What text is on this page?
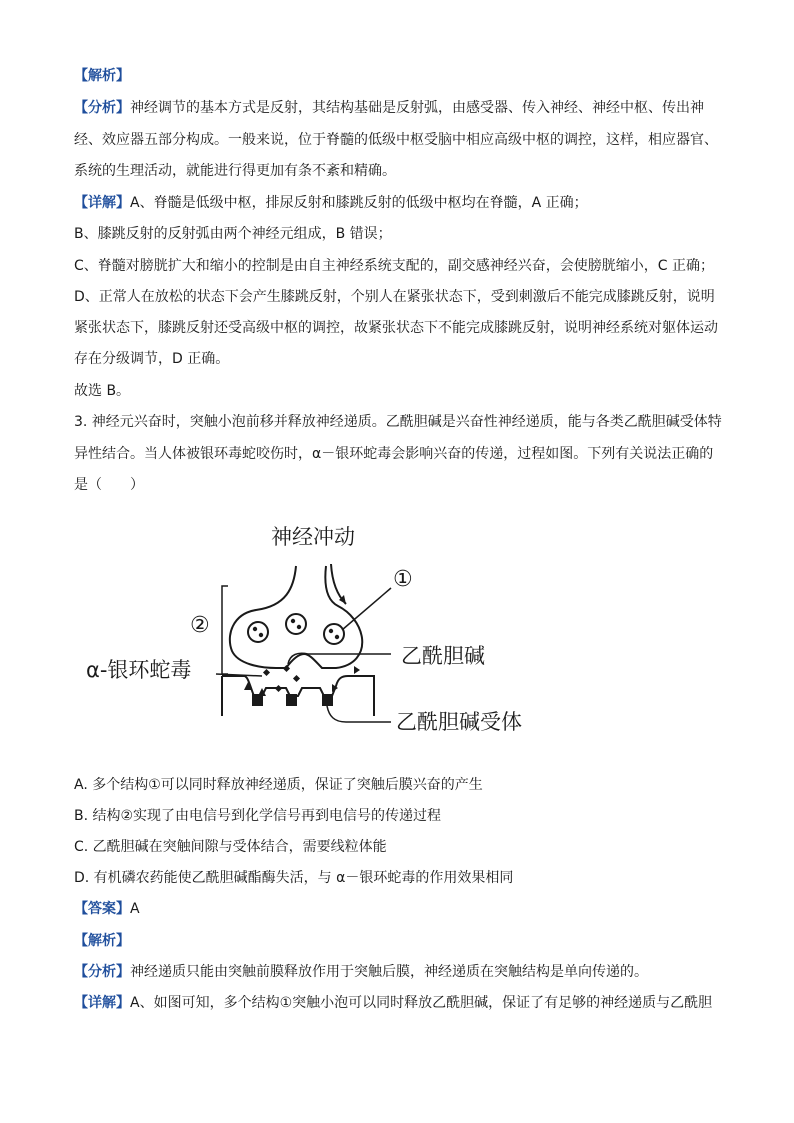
【解析】
【分析】神经调节的基本方式是反射，其结构基础是反射弧，由感受器、传入神经、神经中枢、传出神
经、效应器五部分构成。一般来说，位于脊髓的低级中枢受脑中相应高级中枢的调控，这样，相应器官、
系统的生理活动，就能进行得更加有条不紊和精确。
【详解】A、脊髓是低级中枢，排尿反射和膝跳反射的低级中枢均在脊髓，A 正确；
B、膝跳反射的反射弧由两个神经元组成，B 错误；
C、脊髓对膀胱扩大和缩小的控制是由自主神经系统支配的，副交感神经兴奋，会使膀胱缩小，C 正确；
D、正常人在放松的状态下会产生膝跳反射，个别人在紧张状态下，受到刺激后不能完成膝跳反射，说明
紧张状态下，膝跳反射还受高级中枢的调控，故紧张状态下不能完成膝跳反射，说明神经系统对躯体运动
存在分级调节，D 正确。
故选 B。
3. 神经元兴奋时，突触小泡前移并释放神经递质。乙酰胆碱是兴奋性神经递质，能与各类乙酰胆碱受体特
异性结合。当人体被银环毒蛇咬伤时，α－银环蛇毒会影响兴奋的传递，过程如图。下列有关说法正确的
是（　　）
神经冲动
①
②
乙酰胆碱
乙酰胆碱受体
α-银环蛇毒
A. 多个结构①可以同时释放神经递质，保证了突触后膜兴奋的产生
B. 结构②实现了由电信号到化学信号再到电信号的传递过程
C. 乙酰胆碱在突触间隙与受体结合，需要线粒体能
D. 有机磷农药能使乙酰胆碱酯酶失活，与 α－银环蛇毒的作用效果相同
【答案】A
【解析】
【分析】神经递质只能由突触前膜释放作用于突触后膜，神经递质在突触结构是单向传递的。
【详解】A、如图可知，多个结构①突触小泡可以同时释放乙酰胆碱，保证了有足够的神经递质与乙酰胆
